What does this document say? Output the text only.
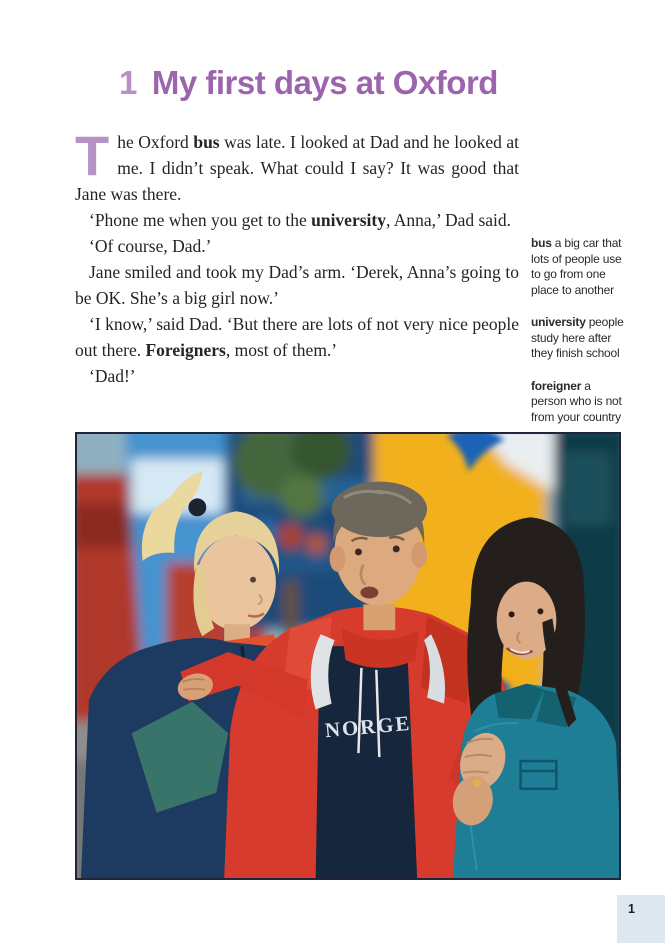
1 My first days at Oxford

The Oxford bus was late. I looked at Dad and he looked at me. I didn’t speak. What could I say? It was good that Jane was there.

‘Phone me when you get to the university, Anna,’ Dad said.

‘Of course, Dad.’

Jane smiled and took my Dad’s arm. ‘Derek, Anna’s going to be OK. She’s a big girl now.’

‘I know,’ said Dad. ‘But there are lots of not very nice people out there. Foreigners, most of them.’

‘Dad!’

bus a big car that lots of people use to go from one place to another

university people study here after they finish school

foreigner a person who is not from your country

NORGE
1
